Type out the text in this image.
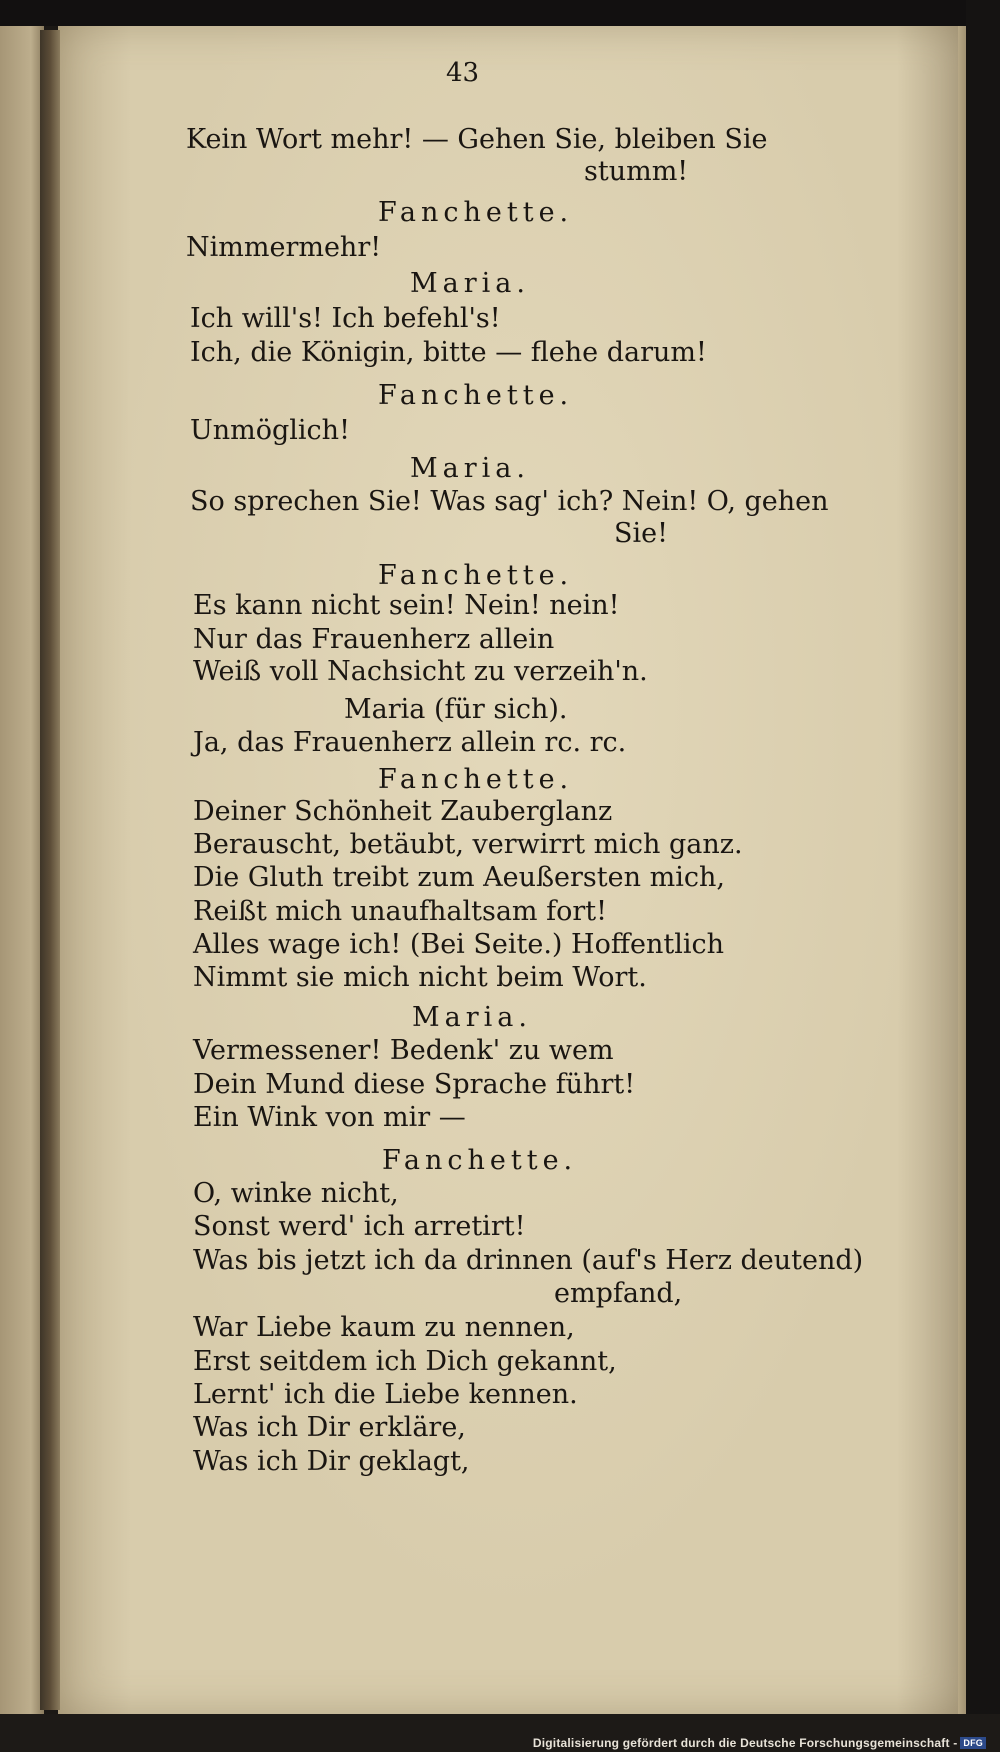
43
Kein Wort mehr! — Gehen Sie, bleiben Sie
stumm!
Fanchette.
Nimmermehr!
Maria.
Ich will's! Ich befehl's!
Ich, die Königin, bitte — flehe darum!
Fanchette.
Unmöglich!
Maria.
So sprechen Sie! Was sag' ich? Nein! O, gehen
Sie!
Fanchette.
Es kann nicht sein! Nein! nein!
Nur das Frauenherz allein
Weiß voll Nachsicht zu verzeih'n.
Maria (für sich).
Ja, das Frauenherz allein rc. rc.
Fanchette.
Deiner Schönheit Zauberglanz
Berauscht, betäubt, verwirrt mich ganz.
Die Gluth treibt zum Aeußersten mich,
Reißt mich unaufhaltsam fort!
Alles wage ich! (Bei Seite.) Hoffentlich
Nimmt sie mich nicht beim Wort.
Maria.
Vermessener! Bedenk' zu wem
Dein Mund diese Sprache führt!
Ein Wink von mir —
Fanchette.
O, winke nicht,
Sonst werd' ich arretirt!
Was bis jetzt ich da drinnen (auf's Herz deutend)
empfand,
War Liebe kaum zu nennen,
Erst seitdem ich Dich gekannt,
Lernt' ich die Liebe kennen.
Was ich Dir erkläre,
Was ich Dir geklagt,
Digitalisierung gefördert durch die Deutsche Forschungsgemeinschaft - DFG
